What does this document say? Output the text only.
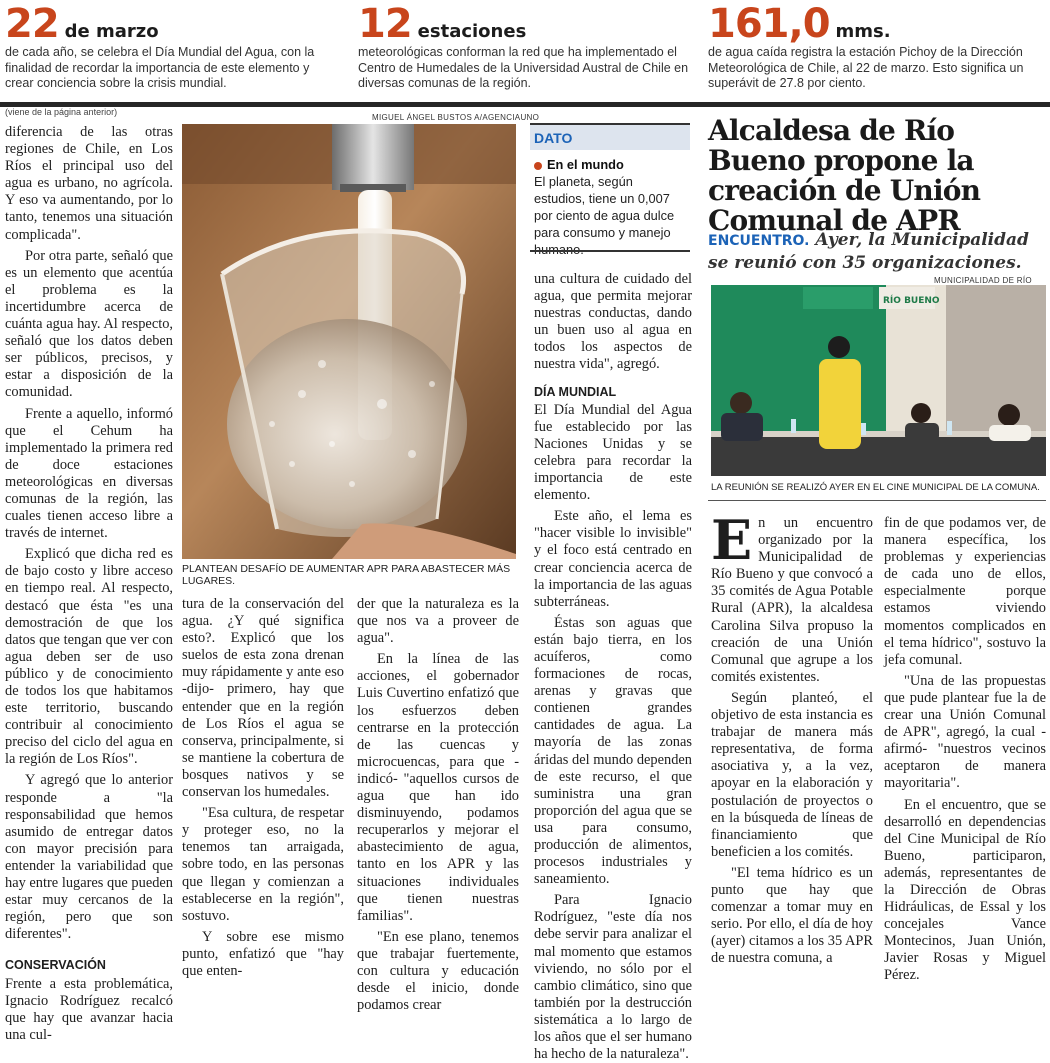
22 de marzo
de cada año, se celebra el Día Mundial del Agua, con la finalidad de recordar la importancia de este elemento y crear conciencia sobre la crisis mundial.
12 estaciones
meteorológicas conforman la red que ha implementado el Centro de Humedales de la Universidad Austral de Chile en diversas comunas de la región.
161,0 mms.
de agua caída registra la estación Pichoy de la Dirección Meteorológica de Chile, al 22 de marzo. Esto significa un superávit de 27.8 por ciento.
(viene de la página anterior)

diferencia de las otras regiones de Chile, en Los Ríos el principal uso del agua es urbano, no agrícola. Y eso va aumentando, por lo tanto, tenemos una situación complicada".

Por otra parte, señaló que es un elemento que acentúa el problema es la incertidumbre acerca de cuánta agua hay. Al respecto, señaló que los datos deben ser públicos, precisos, y estar a disposición de la comunidad.

Frente a aquello, informó que el Cehum ha implementado la primera red de doce estaciones meteorológicas en diversas comunas de la región, las cuales tienen acceso libre a través de internet.

Explicó que dicha red es de bajo costo y libre acceso en tiempo real. Al respecto, destacó que ésta "es una demostración de que los datos que tengan que ver con agua deben ser de uso público y de conocimiento de todos los que habitamos este territorio, buscando contribuir al conocimiento preciso del ciclo del agua en la región de Los Ríos".

Y agregó que lo anterior responde a "la responsabilidad que hemos asumido de entregar datos con mayor precisión para entender la variabilidad que hay entre lugares que pueden estar muy cercanos de la región, pero que son diferentes".

CONSERVACIÓN

Frente a esta problemática, Ignacio Rodríguez recalcó que hay que avanzar hacia una cul-

MIGUEL ÁNGEL BUSTOS A/AGENCIAUNO
PLANTEAN DESAFÍO DE AUMENTAR APR PARA ABASTECER MÁS LUGARES.

tura de la conservación del agua. ¿Y qué significa esto?. Explicó que los suelos de esta zona drenan muy rápidamente y ante eso -dijo- primero, hay que entender que en la región de Los Ríos el agua se conserva, principalmente, si se mantiene la cobertura de bosques nativos y se conservan los humedales.

"Esa cultura, de respetar y proteger eso, no la tenemos tan arraigada, sobre todo, en las personas que llegan y comienzan a establecerse en la región", sostuvo.

Y sobre ese mismo punto, enfatizó que "hay que enten-

der que la naturaleza es la que nos va a proveer de agua".

En la línea de las acciones, el gobernador Luis Cuvertino enfatizó que los esfuerzos deben centrarse en la protección de las cuencas y microcuencas, para que -indicó- "aquellos cursos de agua que han ido disminuyendo, podamos recuperarlos y mejorar el abastecimiento de agua, tanto en los APR y las situaciones individuales que tienen nuestras familias".

"En ese plano, tenemos que trabajar fuertemente, con cultura y educación desde el inicio, donde podamos crear

DATO
En el mundo
El planeta, según estudios, tiene un 0,007 por ciento de agua dulce para consumo y manejo

una cultura de cuidado del agua, que permita mejorar nuestras conductas, dando un buen uso al agua en todos los aspectos de nuestra vida", agregó.

DÍA MUNDIAL

El Día Mundial del Agua fue establecido por las Naciones Unidas y se celebra para recordar la importancia de este elemento.

Este año, el lema es "hacer visible lo invisible" y el foco está centrado en crear conciencia acerca de la importancia de las aguas subterráneas.

Éstas son aguas que están bajo tierra, en los acuíferos, como formaciones de rocas, arenas y gravas que contienen grandes cantidades de agua. La mayoría de las zonas áridas del mundo dependen de este recurso, el que suministra una gran proporción del agua que se usa para consumo, producción de alimentos, procesos industriales y saneamiento.

Para Ignacio Rodríguez, "este día nos debe servir para analizar el mal momento que estamos viviendo, no sólo por el cambio climático, sino que también por la destrucción sistemática a lo largo de los años que el ser humano ha hecho de la naturaleza".

Alcaldesa de Río Bueno propone la creación de Unión Comunal de APR
ENCUENTRO. Ayer, la Municipalidad se reunió con 35 organizaciones.
MUNICIPALIDAD DE RÍO
RÍO BUENO
LA REUNIÓN SE REALIZÓ AYER EN EL CINE MUNICIPAL DE LA COMUNA.

En un encuentro organizado por la Municipalidad de Río Bueno y que convocó a 35 comités de Agua Potable Rural (APR), la alcaldesa Carolina Silva propuso la creación de una Unión Comunal que agrupe a los comités existentes.

Según planteó, el objetivo de esta instancia es trabajar de manera más representativa, de forma asociativa y, a la vez, apoyar en la elaboración y postulación de proyectos o en la búsqueda de líneas de financiamiento que beneficien a los comités.

"El tema hídrico es un punto que hay que comenzar a tomar muy en serio. Por ello, el día de hoy (ayer) citamos a los 35 APR de nuestra comuna, a

fin de que podamos ver, de manera específica, los problemas y experiencias de cada uno de ellos, especialmente porque estamos viviendo momentos complicados en el tema hídrico", sostuvo la jefa comunal.

"Una de las propuestas que pude plantear fue la de crear una Unión Comunal de APR", agregó, la cual -afirmó- "nuestros vecinos aceptaron de manera mayoritaria".

En el encuentro, que se desarrolló en dependencias del Cine Municipal de Río Bueno, participaron, además, representantes de la Dirección de Obras Hidráulicas, de Essal y los concejales Vance Montecinos, Juan Unión, Javier Rosas y Miguel Pérez.
